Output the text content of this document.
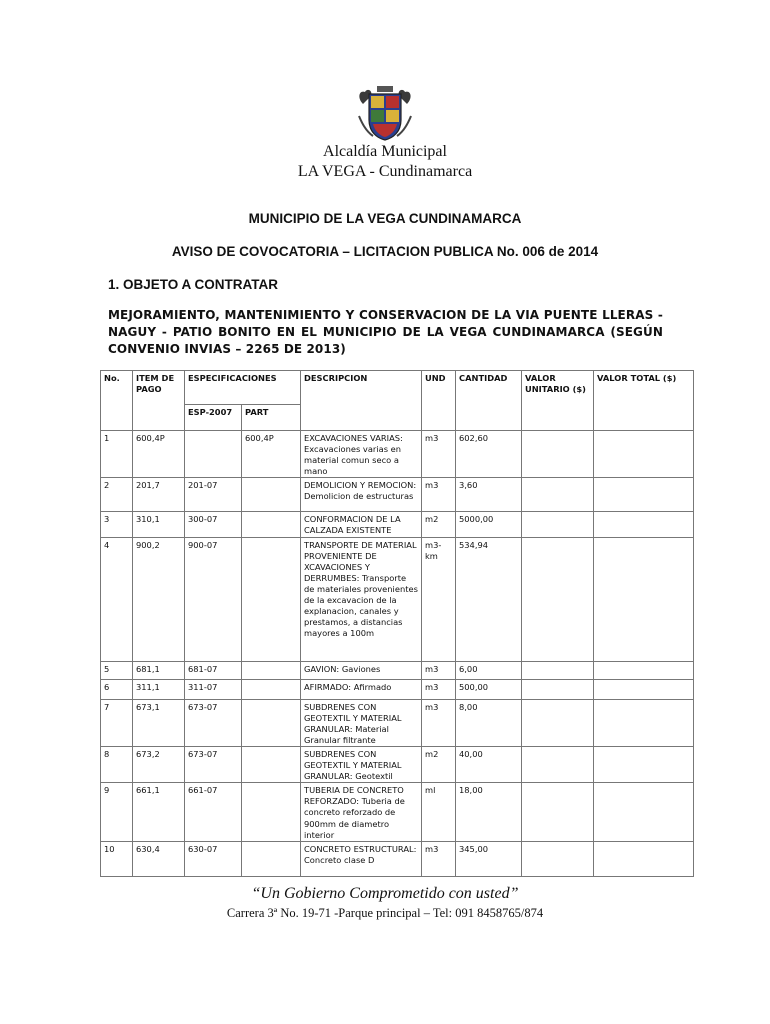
Alcaldía Municipal
LA VEGA - Cundinamarca
MUNICIPIO DE LA VEGA CUNDINAMARCA
AVISO DE COVOCATORIA – LICITACION PUBLICA No. 006 de 2014
1. OBJETO A CONTRATAR
MEJORAMIENTO, MANTENIMIENTO Y CONSERVACION DE LA VIA PUENTE LLERAS - NAGUY - PATIO BONITO EN EL MUNICIPIO DE LA VEGA CUNDINAMARCA (SEGÚN CONVENIO INVIAS – 2265 DE 2013)
No.	ITEM DE PAGO	ESPECIFICACIONES		DESCRIPCION	UND	CANTIDAD	VALOR UNITARIO ($)	VALOR TOTAL ($)
		ESP-2007	PART					
1	600,4P		600,4P	EXCAVACIONES VARIAS: Excavaciones varias en material comun seco a mano	m3	602,60		
2	201,7	201-07		DEMOLICION Y REMOCION: Demolicion de estructuras	m3	3,60		
3	310,1	300-07		CONFORMACION DE LA CALZADA EXISTENTE	m2	5000,00		
4	900,2	900-07		TRANSPORTE DE MATERIAL PROVENIENTE DE XCAVACIONES Y DERRUMBES: Transporte de materiales provenientes de la excavacion de la explanacion, canales y prestamos, a distancias mayores a 100m	m3-km	534,94		
5	681,1	681-07		GAVION: Gaviones	m3	6,00		
6	311,1	311-07		AFIRMADO: Afirmado	m3	500,00		
7	673,1	673-07		SUBDRENES CON GEOTEXTIL Y MATERIAL GRANULAR: Material Granular filtrante	m3	8,00		
8	673,2	673-07		SUBDRENES CON GEOTEXTIL Y MATERIAL GRANULAR: Geotextil	m2	40,00		
9	661,1	661-07		TUBERIA DE CONCRETO REFORZADO: Tuberia de concreto reforzado de 900mm de diametro interior	ml	18,00		
10	630,4	630-07		CONCRETO ESTRUCTURAL: Concreto clase D	m3	345,00		
“Un Gobierno Comprometido con usted”
Carrera 3ª No. 19-71 -Parque principal – Tel: 091 8458765/874
